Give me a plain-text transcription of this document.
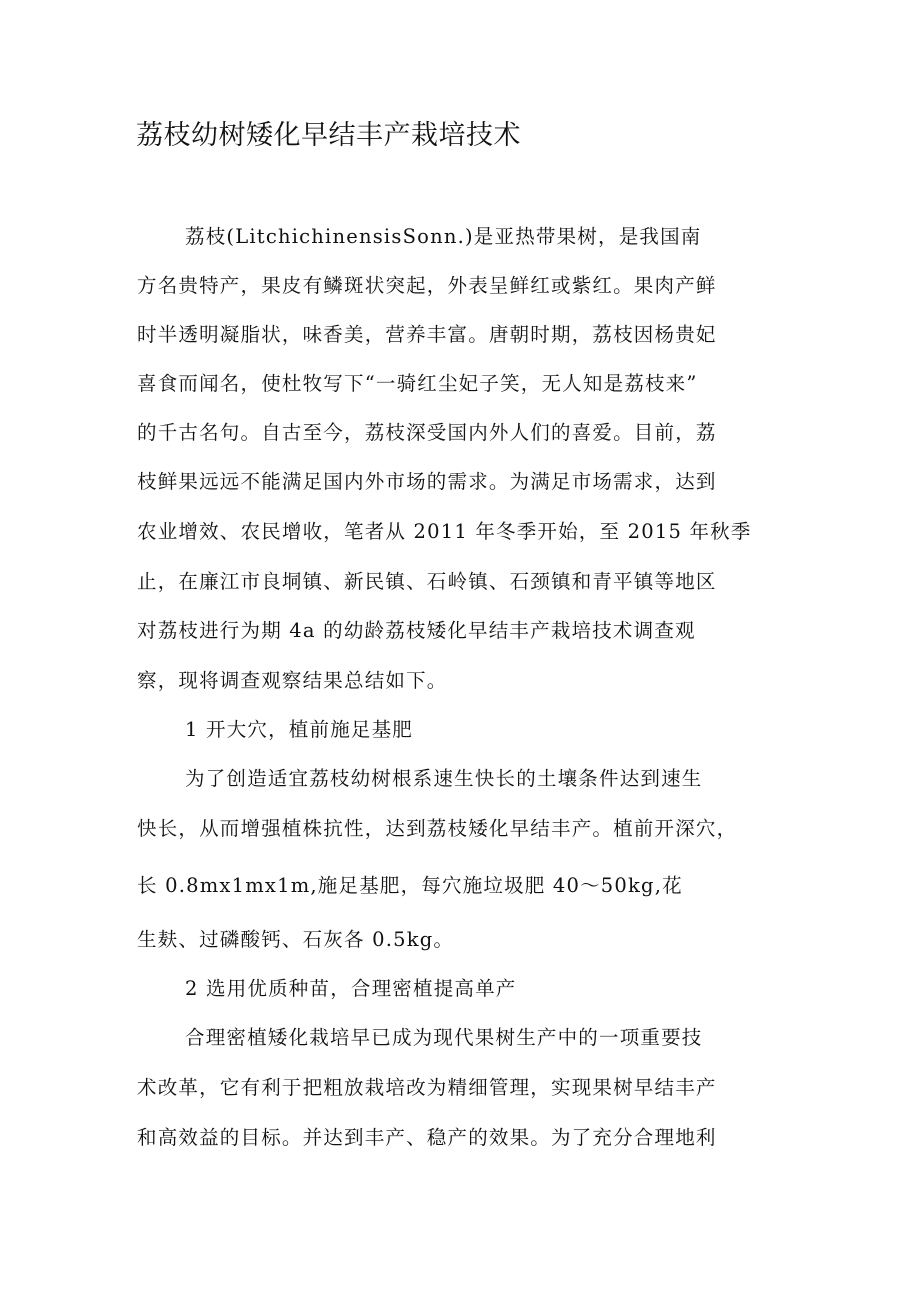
荔枝幼树矮化早结丰产栽培技术
荔枝(LitchichinensisSonn.)是亚热带果树，是我国南
方名贵特产，果皮有鳞斑状突起，外表呈鲜红或紫红。果肉产鲜
时半透明凝脂状，味香美，营养丰富。唐朝时期，荔枝因杨贵妃
喜食而闻名，使杜牧写下“一骑红尘妃子笑，无人知是荔枝来”
的千古名句。自古至今，荔枝深受国内外人们的喜爱。目前，荔
枝鲜果远远不能满足国内外市场的需求。为满足市场需求，达到
农业增效、农民增收，笔者从 2011 年冬季开始，至 2015 年秋季
止，在廉江市良垌镇、新民镇、石岭镇、石颈镇和青平镇等地区
对荔枝进行为期 4a 的幼龄荔枝矮化早结丰产栽培技术调查观
察，现将调查观察结果总结如下。
1 开大穴，植前施足基肥
为了创造适宜荔枝幼树根系速生快长的土壤条件达到速生
快长，从而增强植株抗性，达到荔枝矮化早结丰产。植前开深穴，
长 0.8mx1mx1m,施足基肥，每穴施垃圾肥 40〜50kg,花
生麸、过磷酸钙、石灰各 0.5kg。
2 选用优质种苗，合理密植提高单产
合理密植矮化栽培早已成为现代果树生产中的一项重要技
术改革，它有利于把粗放栽培改为精细管理，实现果树早结丰产
和高效益的目标。并达到丰产、稳产的效果。为了充分合理地利
